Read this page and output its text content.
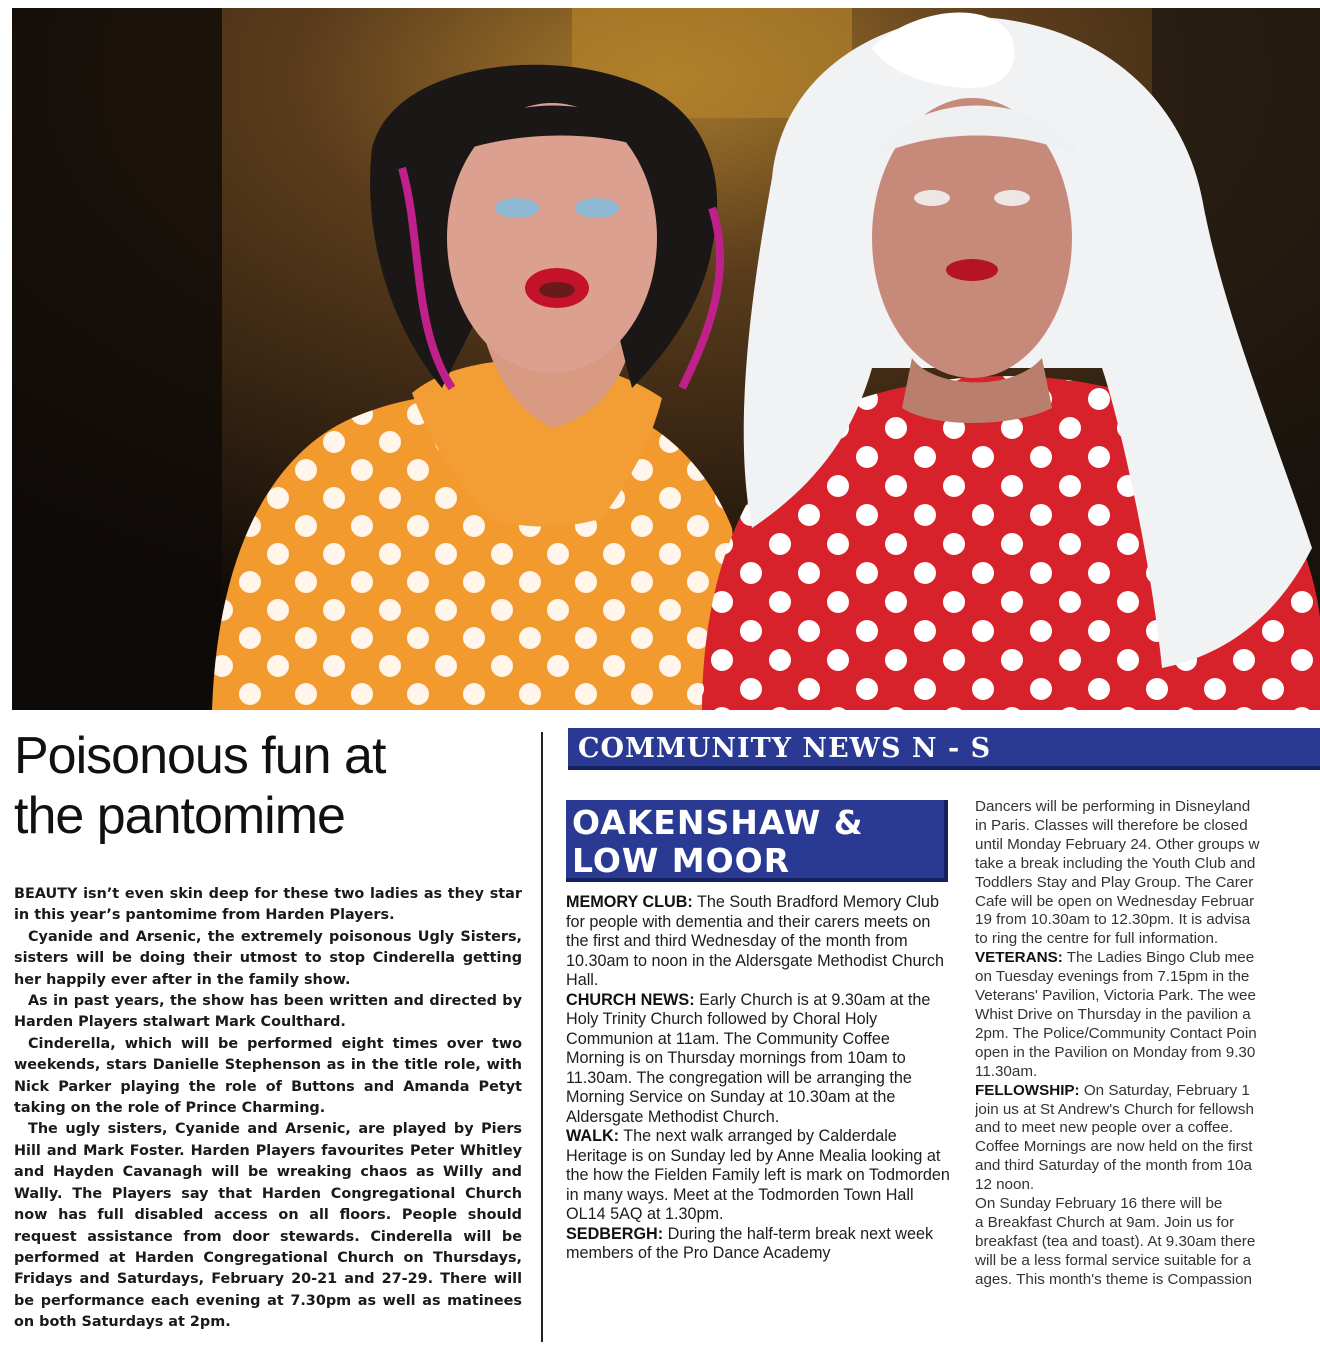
Poisonous fun at
the pantomime

BEAUTY isn’t even skin deep for these two ladies as they star in this year’s pantomime from Harden Players.

Cyanide and Arsenic, the extremely poisonous Ugly Sisters, sisters will be doing their utmost to stop Cinderella getting her happily ever after in the family show.

As in past years, the show has been written and directed by Harden Players stalwart Mark Coulthard.

Cinderella, which will be performed eight times over two weekends, stars Danielle Stephenson as in the title role, with Nick Parker playing the role of Buttons and Amanda Petyt taking on the role of Prince Charming.

The ugly sisters, Cyanide and Arsenic, are played by Piers Hill and Mark Foster. Harden Players favourites Peter Whitley and Hayden Cavanagh will be wreaking chaos as Willy and Wally. The Players say that Harden Congregational Church now has full disabled access on all floors. People should request assistance from door stewards. Cinderella will be performed at Harden Congregational Church on Thursdays, Fridays and Saturdays, February 20-21 and 27-29. There will be performance each evening at 7.30pm as well as matinees on both Saturdays at 2pm.

COMMUNITY NEWS N - S
OAKENSHAW &
LOW MOOR
MEMORY CLUB: The South Bradford Memory Club for people with dementia and their carers meets on the first and third Wednesday of the month from 10.30am to noon in the Aldersgate Methodist Church Hall.
CHURCH NEWS: Early Church is at 9.30am at the Holy Trinity Church followed by Choral Holy Communion at 11am. The Community Coffee Morning is on Thursday mornings from 10am to 11.30am. The congregation will be arranging the Morning Service on Sunday at 10.30am at the Aldersgate Methodist Church.
WALK: The next walk arranged by Calderdale Heritage is on Sunday led by Anne Mealia looking at the how the Fielden Family left is mark on Todmorden in many ways. Meet at the Todmorden Town Hall OL14 5AQ at 1.30pm.
SEDBERGH: During the half-term break next week members of the Pro Dance Academy
Dancers will be performing in Disneyland
in Paris. Classes will therefore be closed
until Monday February 24. Other groups w
take a break including the Youth Club and
Toddlers Stay and Play Group. The Carer
Cafe will be open on Wednesday Februar
19 from 10.30am to 12.30pm. It is advisa
to ring the centre for full information.
VETERANS: The Ladies Bingo Club mee
on Tuesday evenings from 7.15pm in the
Veterans' Pavilion, Victoria Park. The wee
Whist Drive on Thursday in the pavilion a
2pm. The Police/Community Contact Poin
open in the Pavilion on Monday from 9.30
11.30am.
FELLOWSHIP: On Saturday, February 1
join us at St Andrew's Church for fellowsh
and to meet new people over a coffee.
Coffee Mornings are now held on the first
and third Saturday of the month from 10a
12 noon.
On Sunday February 16 there will be
a Breakfast Church at 9am. Join us for
breakfast (tea and toast). At 9.30am there
will be a less formal service suitable for a
ages. This month's theme is Compassion
